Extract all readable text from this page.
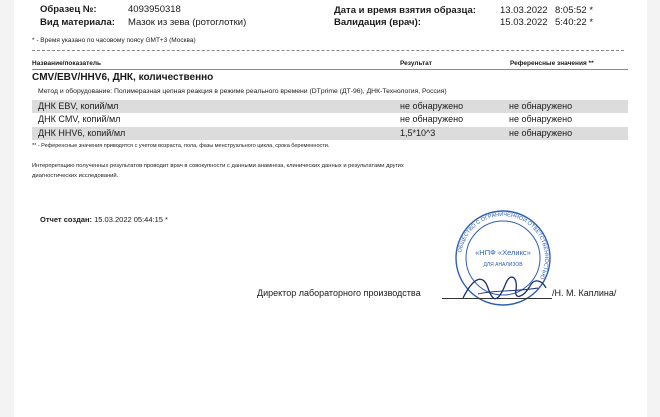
Образец №:	4093950318
Вид материала: Мазок из зева (ротоглотки)
Дата и время взятия образца:	13.03.2022 8:05:52 *
Валидация (врач):	15.03.2022 5:40:22 *
* - Время указано по часовому поясу GMT+3 (Москва)
Название/показатель	Результат	Референсные значения **
CMV/EBV/HHV6, ДНК, количественно
Метод и оборудование: Полимеразная цепная реакция в режиме реального времени (DTprime (ДТ-96), ДНК-Технология, Россия)
ДНК EBV, копий/мл	не обнаружено	не обнаружено
ДНК CMV, копий/мл	не обнаружено	не обнаружено
ДНК HHV6, копий/мл	1,5*10^3	не обнаружено
** - Референсные значения приводятся с учетом возраста, пола, фазы менструального цикла, срока беременности.
Интерпретацию полученных результатов проводит врач в совокупности с данными анамнеза, клинических данных и результатами других
диагностических исследований.
Отчет создан: 15.03.2022 05:44:15 *
ОБЩЕСТВО С ОГРАНИЧЕННОЙ ОТВЕТСТВЕННОСТЬЮ
«НПФ «Хеликс»
ДЛЯ АНАЛИЗОВ
Директор лабораторного производства	/Н. М. Каплина/
